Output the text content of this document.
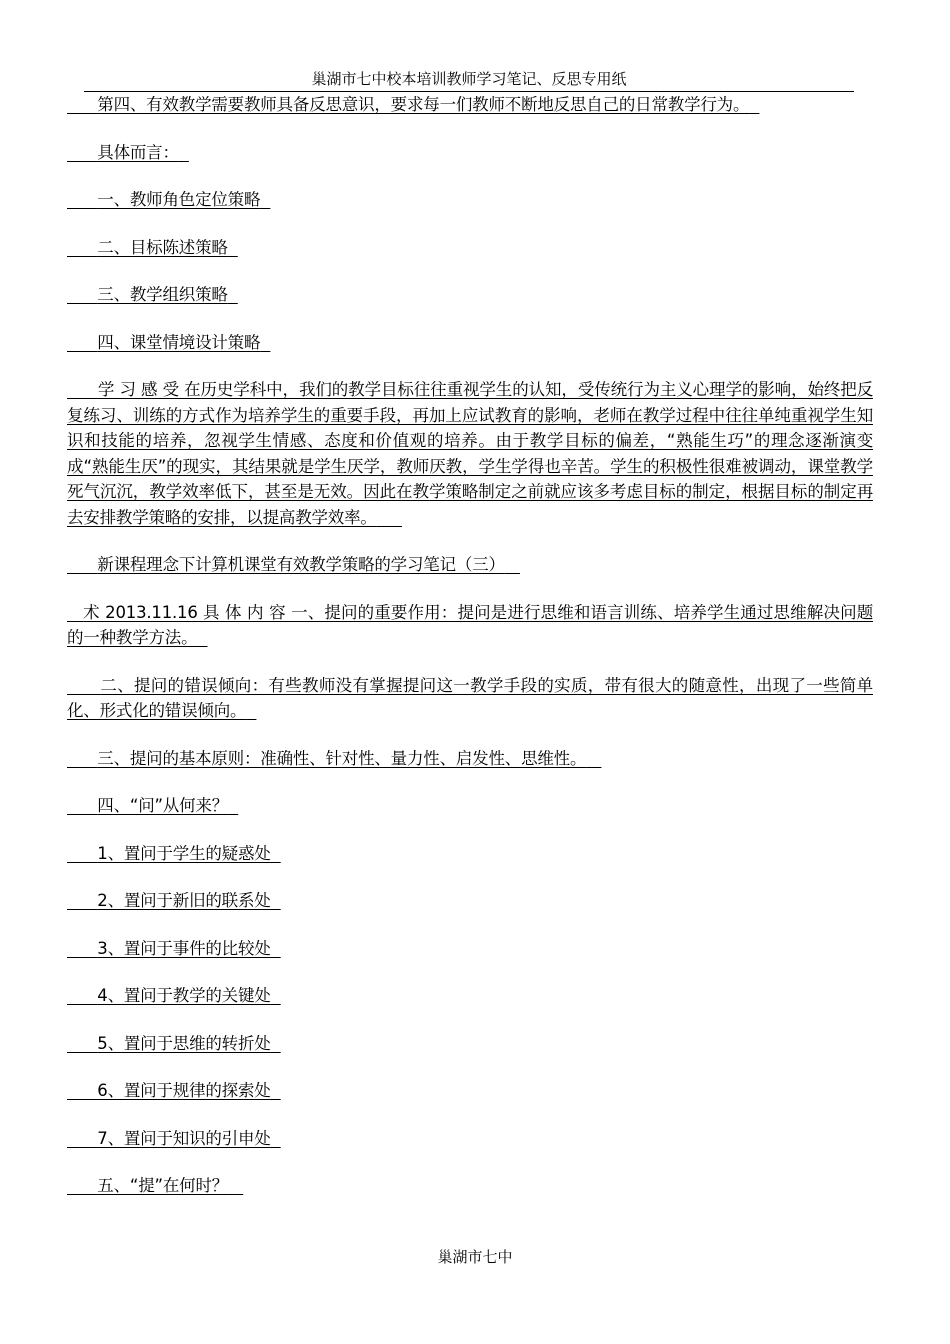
巢湖市七中校本培训教师学习笔记、反思专用纸

第四、有效教学需要教师具备反思意识，要求每一们教师不断地反思自己的日常教学行为。

具体而言：

一、教师角色定位策略

二、目标陈述策略

三、教学组织策略

四、课堂情境设计策略

学 习 感 受 在历史学科中，我们的教学目标往往重视学生的认知，受传统行为主义心理学的影响，始终把反复练习、训练的方式作为培养学生的重要手段，再加上应试教育的影响，老师在教学过程中往往单纯重视学生知识和技能的培养，忽视学生情感、态度和价值观的培养。由于教学目标的偏差，“熟能生巧”的理念逐渐演变成“熟能生厌”的现实，其结果就是学生厌学，教师厌教，学生学得也辛苦。学生的积极性很难被调动，课堂教学死气沉沉，教学效率低下，甚至是无效。因此在教学策略制定之前就应该多考虑目标的制定，根据目标的制定再去安排教学策略的安排，以提高教学效率。

新课程理念下计算机课堂有效教学策略的学习笔记（三）

术 2013.11.16 具 体 内 容 一、提问的重要作用：提问是进行思维和语言训练、培养学生通过思维解决问题的一种教学方法。

二、提问的错误倾向：有些教师没有掌握提问这一教学手段的实质，带有很大的随意性，出现了一些简单化、形式化的错误倾向。

三、提问的基本原则：准确性、针对性、量力性、启发性、思维性。

四、“问”从何来？

1、置问于学生的疑惑处

2、置问于新旧的联系处

3、置问于事件的比较处

4、置问于教学的关键处

5、置问于思维的转折处

6、置问于规律的探索处

7、置问于知识的引申处

五、“提”在何时？

巢湖市七中
